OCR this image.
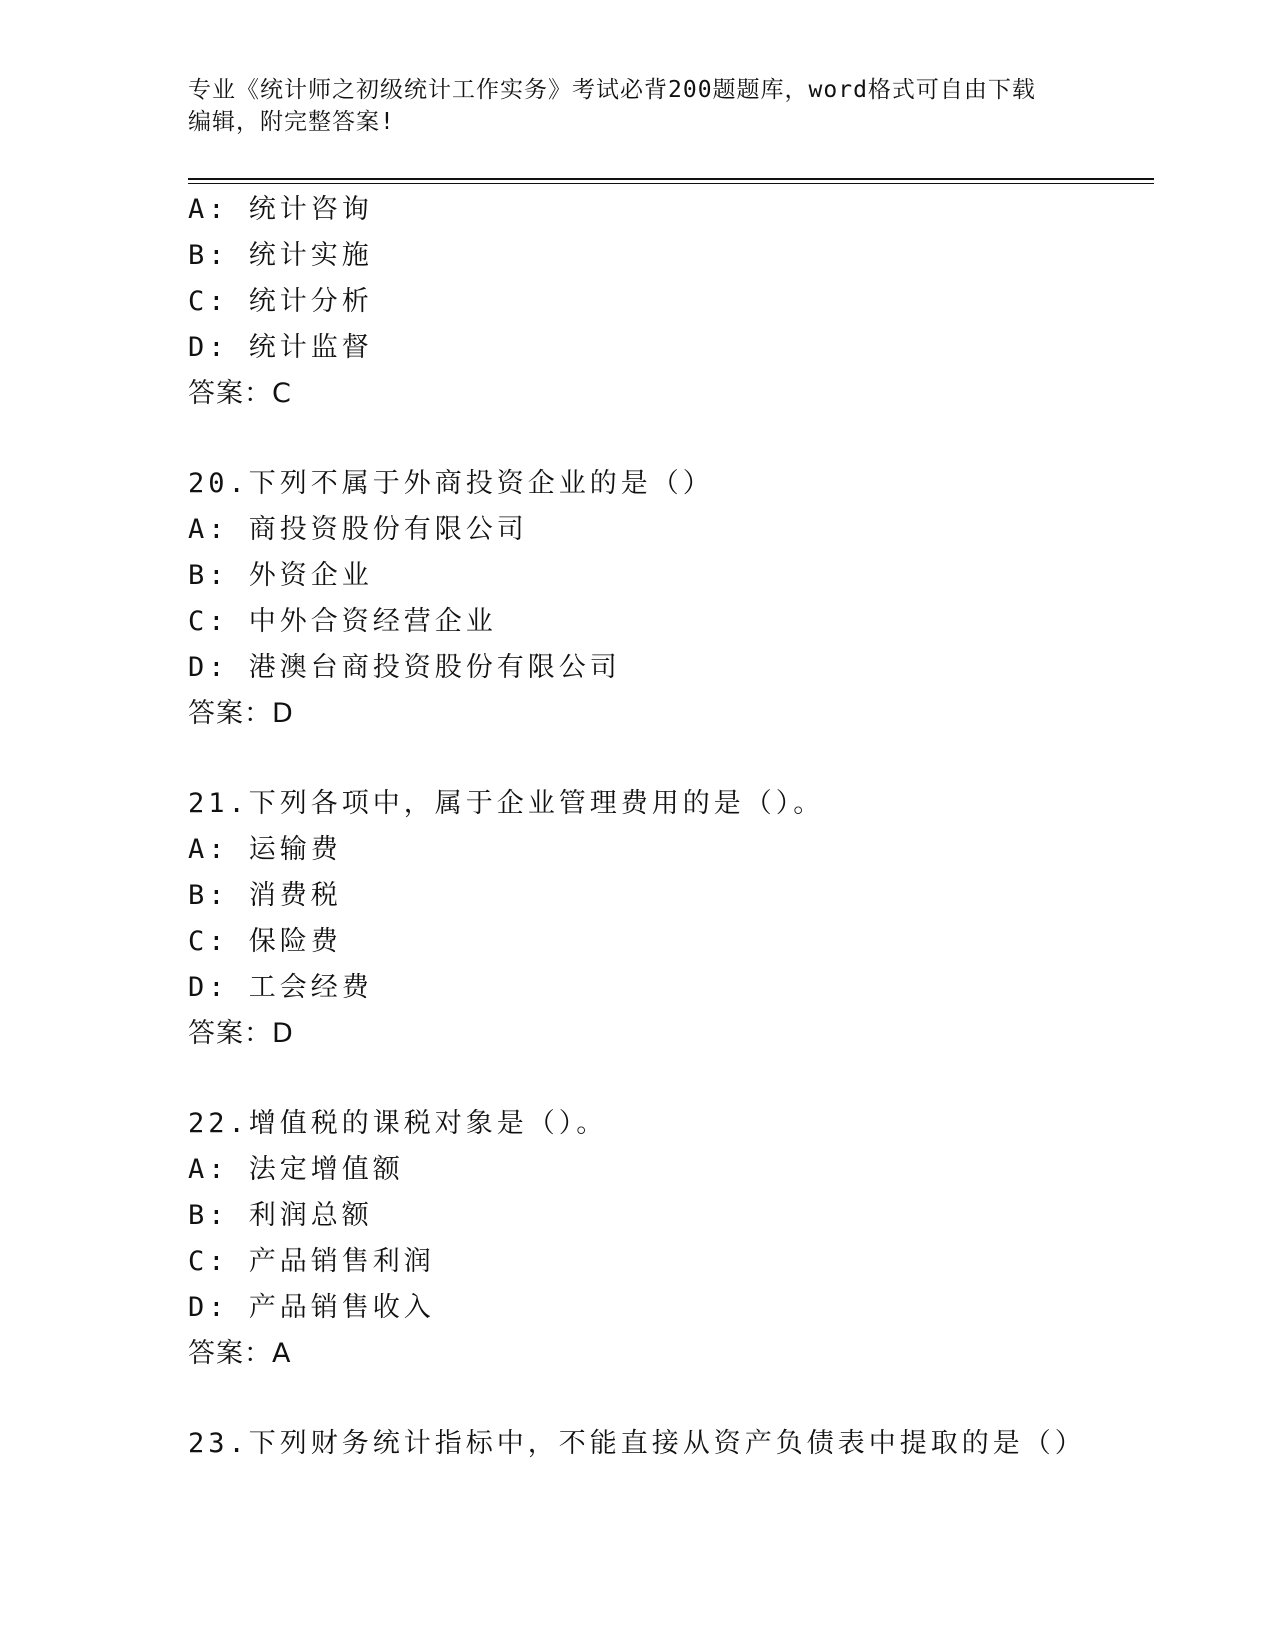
专业《统计师之初级统计工作实务》考试必背200题题库，word格式可自由下载
编辑，附完整答案!
A: 统计咨询
B: 统计实施
C: 统计分析
D: 统计监督
答案：C
20.下列不属于外商投资企业的是（）
A: 商投资股份有限公司
B: 外资企业
C: 中外合资经营企业
D: 港澳台商投资股份有限公司
答案：D
21.下列各项中，属于企业管理费用的是（）。
A: 运输费
B: 消费税
C: 保险费
D: 工会经费
答案：D
22.增值税的课税对象是（）。
A: 法定增值额
B: 利润总额
C: 产品销售利润
D: 产品销售收入
答案：A
23.下列财务统计指标中，不能直接从资产负债表中提取的是（）
